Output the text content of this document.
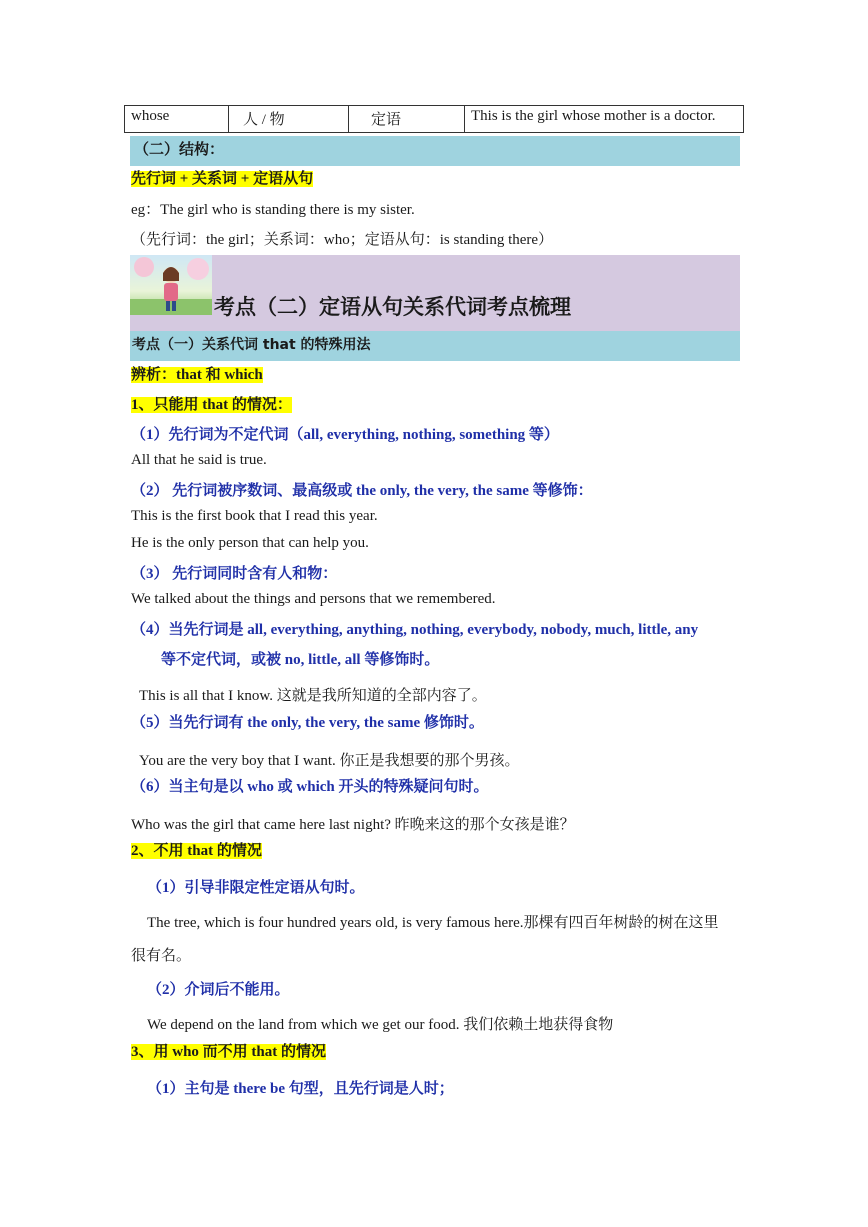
whose	人 / 物	定语	This is the girl whose mother is a doctor.
（二）结构：
先行词 + 关系词 + 定语从句
eg：The girl who is standing there is my sister.
（先行词：the girl；关系词：who；定语从句：is standing there）
考点（二）定语从句关系代词考点梳理
考点（一）关系代词 that 的特殊用法
辨析：that 和 which
1、只能用 that 的情况：
（1）先行词为不定代词（all, everything, nothing, something 等）
All that he said is true.
（2） 先行词被序数词、最高级或 the only, the very, the same 等修饰：
This is the first book that I read this year.
He is the only person that can help you.
（3） 先行词同时含有人和物：
We talked about the things and persons that we remembered.
（4）当先行词是 all, everything, anything, nothing, everybody, nobody, much, little, any
等不定代词，或被 no, little, all 等修饰时。
This is all that I know. 这就是我所知道的全部内容了。
（5）当先行词有 the only, the very, the same 修饰时。
You are the very boy that I want. 你正是我想要的那个男孩。
（6）当主句是以 who 或 which 开头的特殊疑问句时。
Who was the girl that came here last night? 昨晚来这的那个女孩是谁？
2、不用 that 的情况
（1）引导非限定性定语从句时。
The tree, which is four hundred years old, is very famous here.那棵有四百年树龄的树在这里
很有名。
（2）介词后不能用。
We depend on the land from which we get our food. 我们依赖土地获得食物
3、用 who 而不用 that 的情况
（1）主句是 there be 句型，且先行词是人时；
